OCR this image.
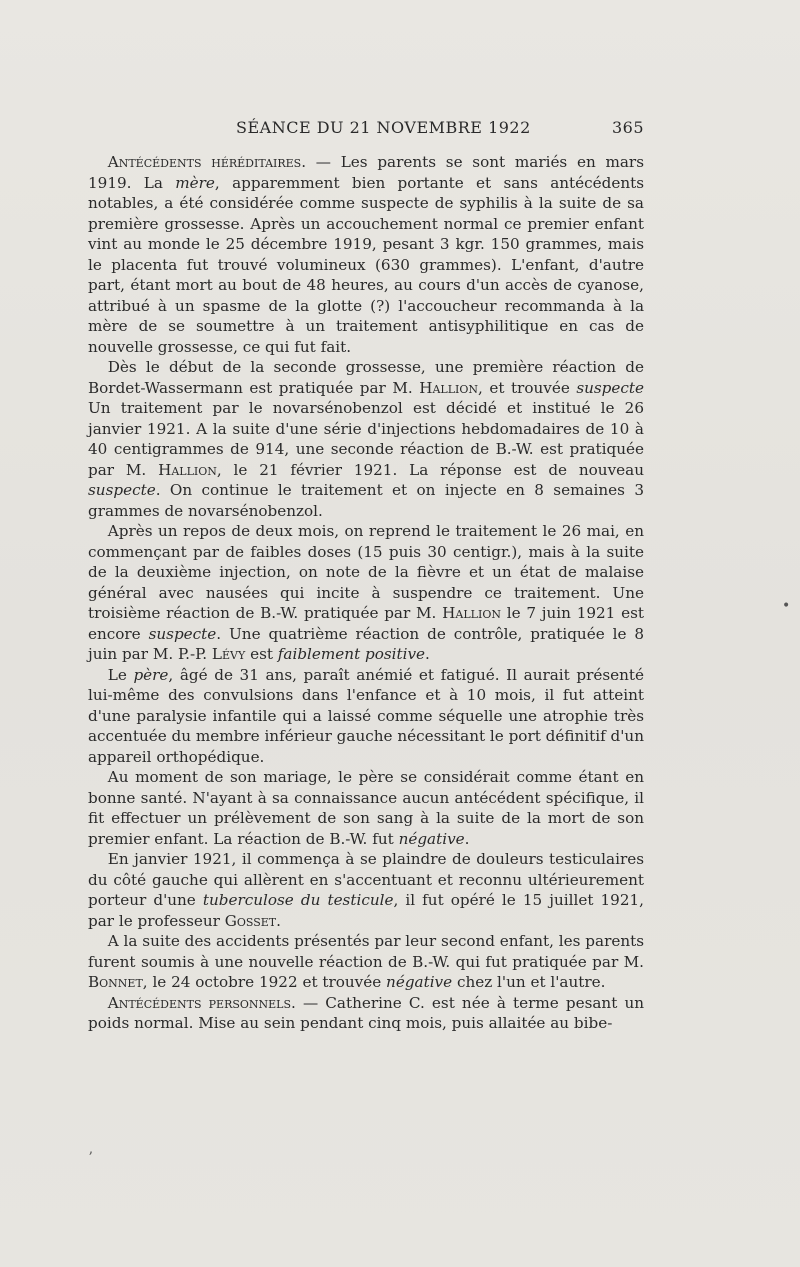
SÉANCE DU 21 NOVEMBRE 1922	365

Antécédents héréditaires. — Les parents se sont mariés en mars 1919. La mère, apparemment bien portante et sans antécédents notables, a été considérée comme suspecte de syphilis à la suite de sa première grossesse. Après un accouchement normal ce premier enfant vint au monde le 25 décembre 1919, pesant 3 kgr. 150 grammes, mais le placenta fut trouvé volumineux (630 grammes). L'enfant, d'autre part, étant mort au bout de 48 heures, au cours d'un accès de cyanose, attribué à un spasme de la glotte (?) l'accoucheur recommanda à la mère de se soumettre à un traitement antisyphilitique en cas de nouvelle grossesse, ce qui fut fait.

Dès le début de la seconde grossesse, une première réaction de Bordet-Wassermann est pratiquée par M. Hallion, et trouvée suspecte Un traitement par le novarsénobenzol est décidé et institué le 26 janvier 1921. A la suite d'une série d'injections hebdomadaires de 10 à 40 centigrammes de 914, une seconde réaction de B.-W. est pratiquée par M. Hallion, le 21 février 1921. La réponse est de nouveau suspecte. On continue le traitement et on injecte en 8 semaines 3 grammes de novarsénobenzol.

Après un repos de deux mois, on reprend le traitement le 26 mai, en commençant par de faibles doses (15 puis 30 centigr.), mais à la suite de la deuxième injection, on note de la fièvre et un état de malaise général avec nausées qui incite à suspendre ce traitement. Une troisième réaction de B.-W. pratiquée par M. Hallion le 7 juin 1921 est encore suspecte. Une quatrième réaction de contrôle, pratiquée le 8 juin par M. P.-P. Lévy est faiblement positive.

Le père, âgé de 31 ans, paraît anémié et fatigué. Il aurait présenté lui-même des convulsions dans l'enfance et à 10 mois, il fut atteint d'une paralysie infantile qui a laissé comme séquelle une atrophie très accentuée du membre inférieur gauche nécessitant le port définitif d'un appareil orthopédique.

Au moment de son mariage, le père se considérait comme étant en bonne santé. N'ayant à sa connaissance aucun antécédent spécifique, il fit effectuer un prélèvement de son sang à la suite de la mort de son premier enfant. La réaction de B.-W. fut négative.

En janvier 1921, il commença à se plaindre de douleurs testiculaires du côté gauche qui allèrent en s'accentuant et reconnu ultérieurement porteur d'une tuberculose du testicule, il fut opéré le 15 juillet 1921, par le professeur Gosset.

A la suite des accidents présentés par leur second enfant, les parents furent soumis à une nouvelle réaction de B.-W. qui fut pratiquée par M. Bonnet, le 24 octobre 1922 et trouvée négative chez l'un et l'autre.

Antécédents personnels. — Catherine C. est née à terme pesant un poids normal. Mise au sein pendant cinq mois, puis allaitée au bibe-

•
ʼ
